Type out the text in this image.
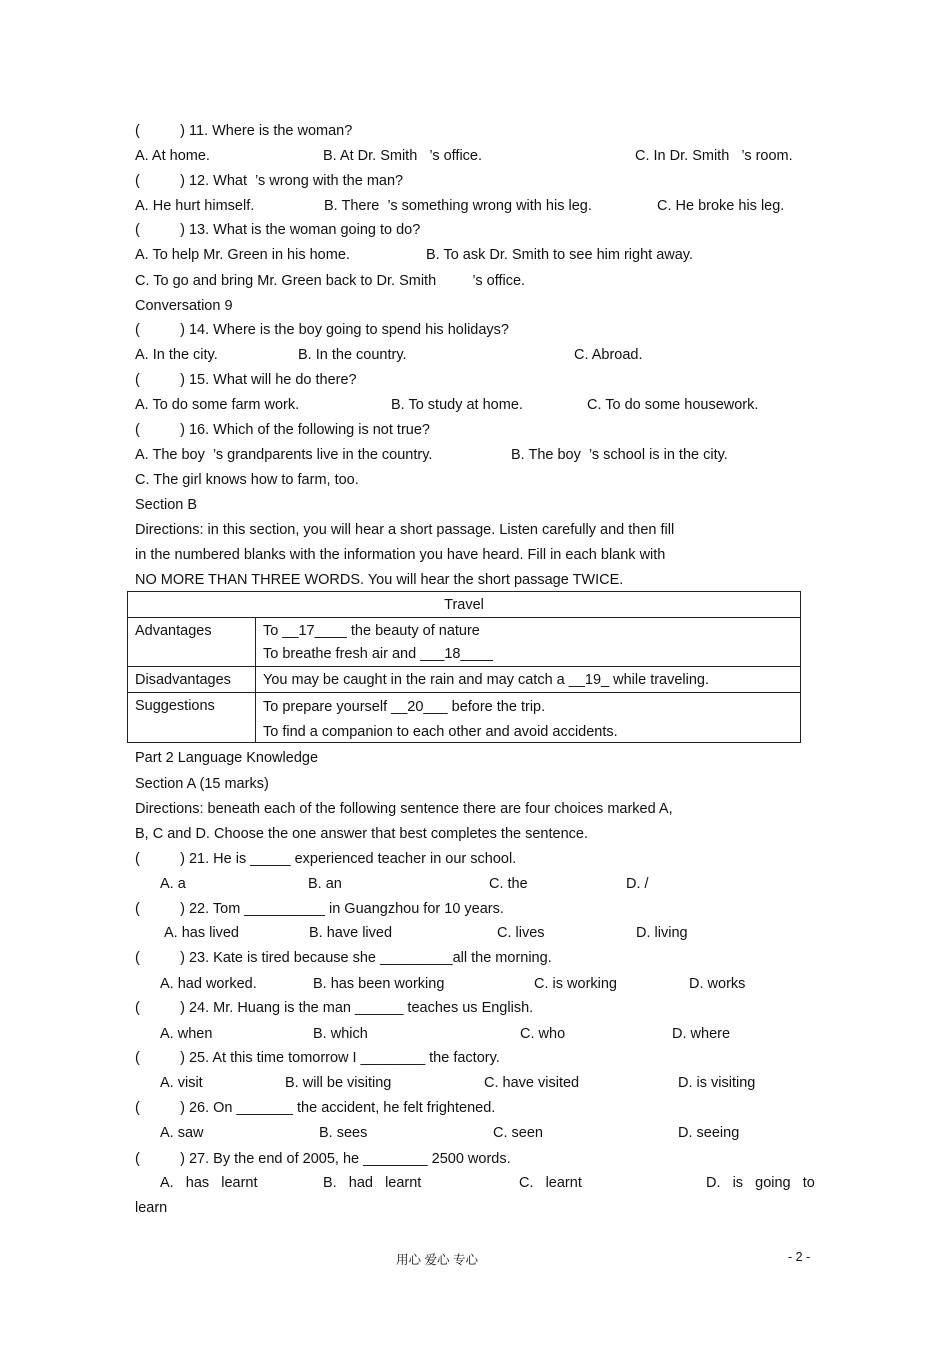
(          ) 11. Where is the woman?
A. At home.	B. At Dr. Smith   ’s office.	C. In Dr. Smith   ’s room.
(          ) 12. What  ’s wrong with the man?
A. He hurt himself.	B. There  ’s something wrong with his leg.	C. He broke his leg.
(          ) 13. What is the woman going to do?
A. To help Mr. Green in his home.	B. To ask Dr. Smith to see him right away.
C. To go and bring Mr. Green back to Dr. Smith         ’s office.
Conversation 9
(          ) 14. Where is the boy going to spend his holidays?
A. In the city.	B. In the country.	C. Abroad.
(          ) 15. What will he do there?
A. To do some farm work.	B. To study at home.	C. To do some housework.
(          ) 16. Which of the following is not true?
A. The boy  ’s grandparents live in the country.	B. The boy  ’s school is in the city.
C. The girl knows how to farm, too.
Section B
Directions: in this section, you will hear a short passage. Listen carefully and then fill
in the numbered blanks with the information you have heard. Fill in each blank with
NO MORE THAN THREE WORDS. You will hear the short passage TWICE.
Part 2 Language Knowledge
Section A (15 marks)
Directions: beneath each of the following sentence there are four choices marked A,
B, C and D. Choose the one answer that best completes the sentence.
(          ) 21. He is _____ experienced teacher in our school.
A. a	B. an	C. the	D. /
(          ) 22. Tom __________ in Guangzhou for 10 years.
A. has lived	B. have lived	C. lives	D. living
(          ) 23. Kate is tired because she _________all the morning.
A. had worked.	B. has been working	C. is working	D. works
(          ) 24. Mr. Huang is the man ______ teaches us English.
A. when	B. which	C. who	D. where
(          ) 25. At this time tomorrow I ________ the factory.
A. visit	B. will be visiting	C. have visited	D. is visiting
(          ) 26. On _______ the accident, he felt frightened.
A. saw	B. sees	C. seen	D. seeing
(          ) 27. By the end of 2005, he ________ 2500 words.
A.   has   learnt	B.   had   learnt	C.   learnt	D.   is   going   to
learn
Travel
Advantages	To __17____ the beauty of nature
To breathe fresh air and ___18____
Disadvantages	You may be caught in the rain and may catch a __19_ while traveling.
Suggestions	To prepare yourself __20___ before the trip.
To find a companion to each other and avoid accidents.
用心 爱心 专心	- 2 -
